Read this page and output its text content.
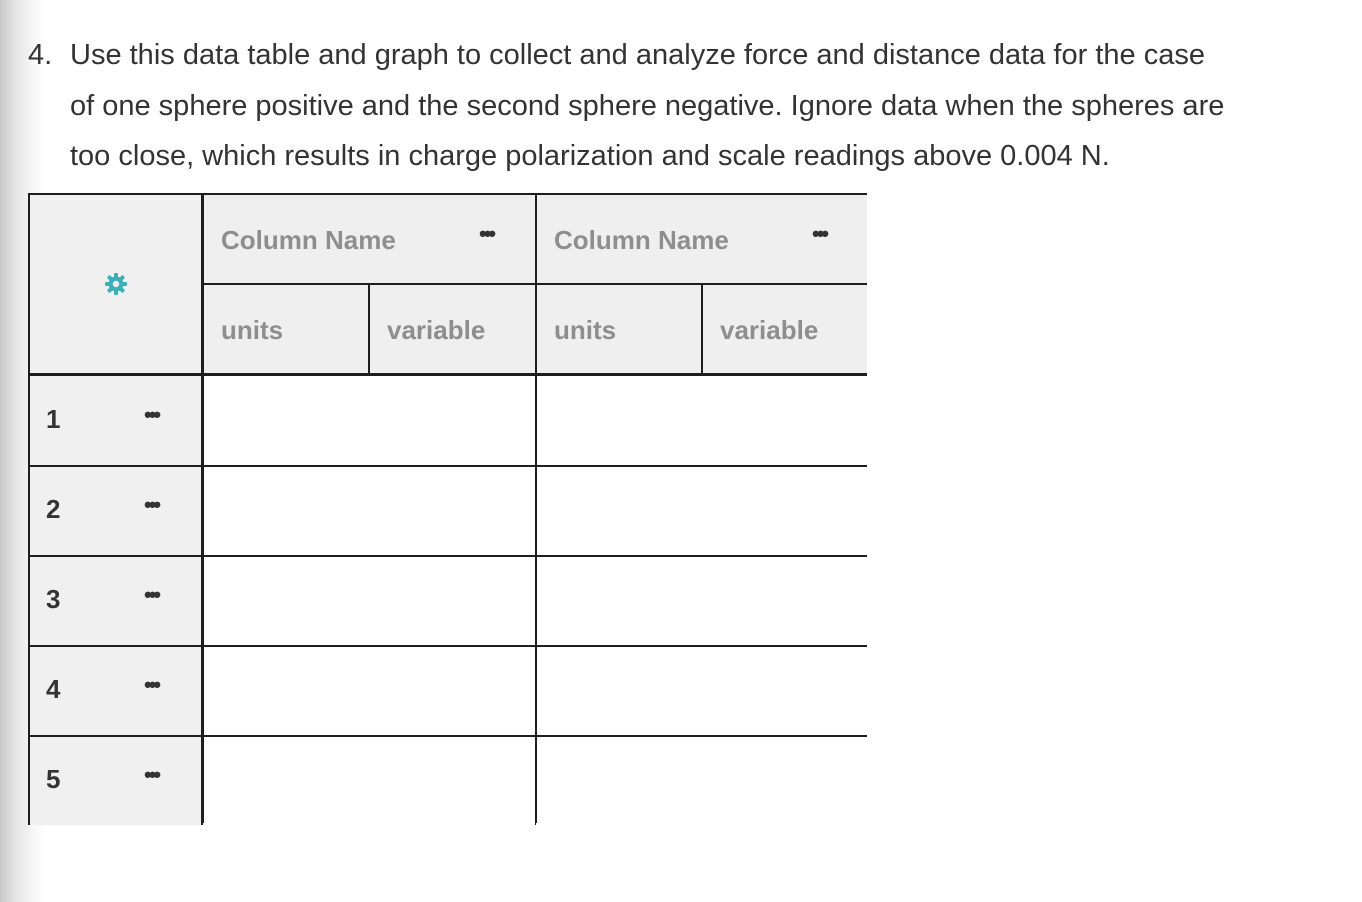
4. Use this data table and graph to collect and analyze force and distance data for the case
of one sphere positive and the second sphere negative. Ignore data when the spheres are
too close, which results in charge polarization and scale readings above 0.004 N.
Column Name	••• Column Name	•••
units	variable	units	variable
1	•••
2	•••
3	•••
4	•••
5	•••
